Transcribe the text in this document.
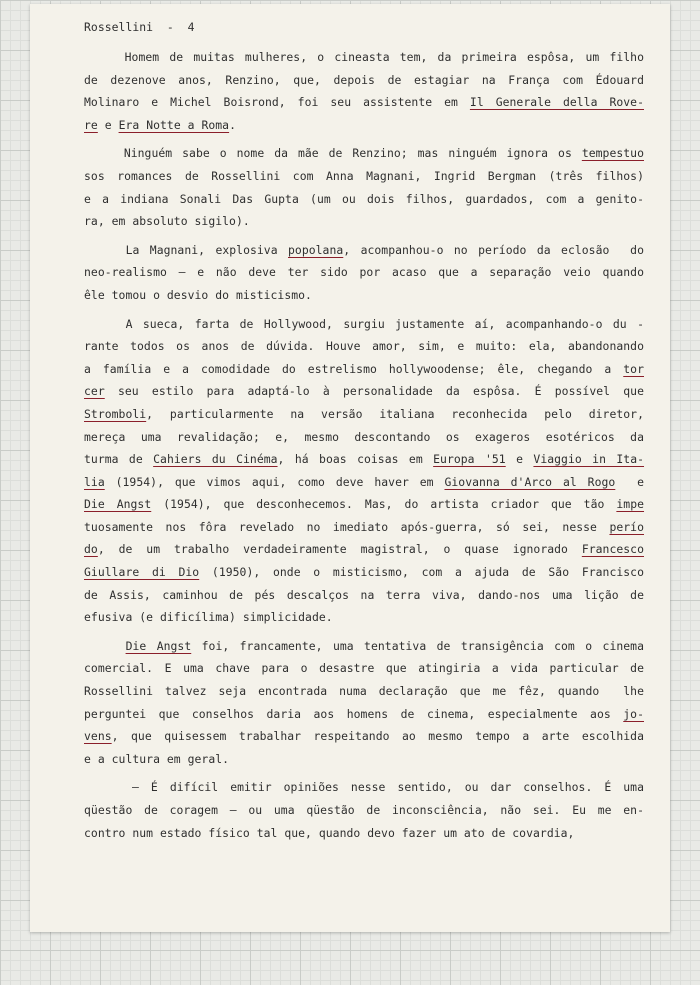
Rossellini  -  4
Homem de muitas mulheres, o cineasta tem, da primeira espôsa, um filho
de dezenove anos, Renzino, que, depois de estagiar na França com Édouard
Molinaro e Michel Boisrond, foi seu assistente em Il Generale della Rove-
re e Era Notte a Roma.
Ninguém sabe o nome da mãe de Renzino; mas ninguém ignora os tempestuo
sos romances de Rossellini com Anna Magnani, Ingrid Bergman (três filhos)
e a indiana Sonali Das Gupta (um ou dois filhos, guardados, com a genito-
ra, em absoluto sigilo).
La Magnani, explosiva popolana, acompanhou-o no período da eclosão  do
neo-realismo — e não deve ter sido por acaso que a separação veio quando
êle tomou o desvio do misticismo.
A sueca, farta de Hollywood, surgiu justamente aí, acompanhando-o du -
rante todos os anos de dúvida. Houve amor, sim, e muito: ela, abandonando
a família e a comodidade do estrelismo hollywoodense; êle, chegando a tor
cer seu estilo para adaptá-lo à personalidade da espôsa. É possível que
Stromboli, particularmente na versão italiana reconhecida pelo diretor,
mereça uma revalidação; e, mesmo descontando os exageros esotéricos da
turma de Cahiers du Cinéma, há boas coisas em Europa '51 e Viaggio in Ita-
lia (1954), que vimos aqui, como deve haver em Giovanna d'Arco al Rogo  e
Die Angst (1954), que desconhecemos. Mas, do artista criador que tão impe
tuosamente nos fôra revelado no imediato após-guerra, só sei, nesse perío
do, de um trabalho verdadeiramente magistral, o quase ignorado Francesco
Giullare di Dio (1950), onde o misticismo, com a ajuda de São Francisco
de Assis, caminhou de pés descalços na terra viva, dando-nos uma lição de
efusiva (e dificílima) simplicidade.
Die Angst foi, francamente, uma tentativa de transigência com o cinema
comercial. E uma chave para o desastre que atingiria a vida particular de
Rossellini talvez seja encontrada numa declaração que me fêz, quando  lhe
perguntei que conselhos daria aos homens de cinema, especialmente aos jo-
vens, que quisessem trabalhar respeitando ao mesmo tempo a arte escolhida
e a cultura em geral.
— É difícil emitir opiniões nesse sentido, ou dar conselhos. É uma
qüestão de coragem — ou uma qüestão de inconsciência, não sei. Eu me en-
contro num estado físico tal que, quando devo fazer um ato de covardia,
